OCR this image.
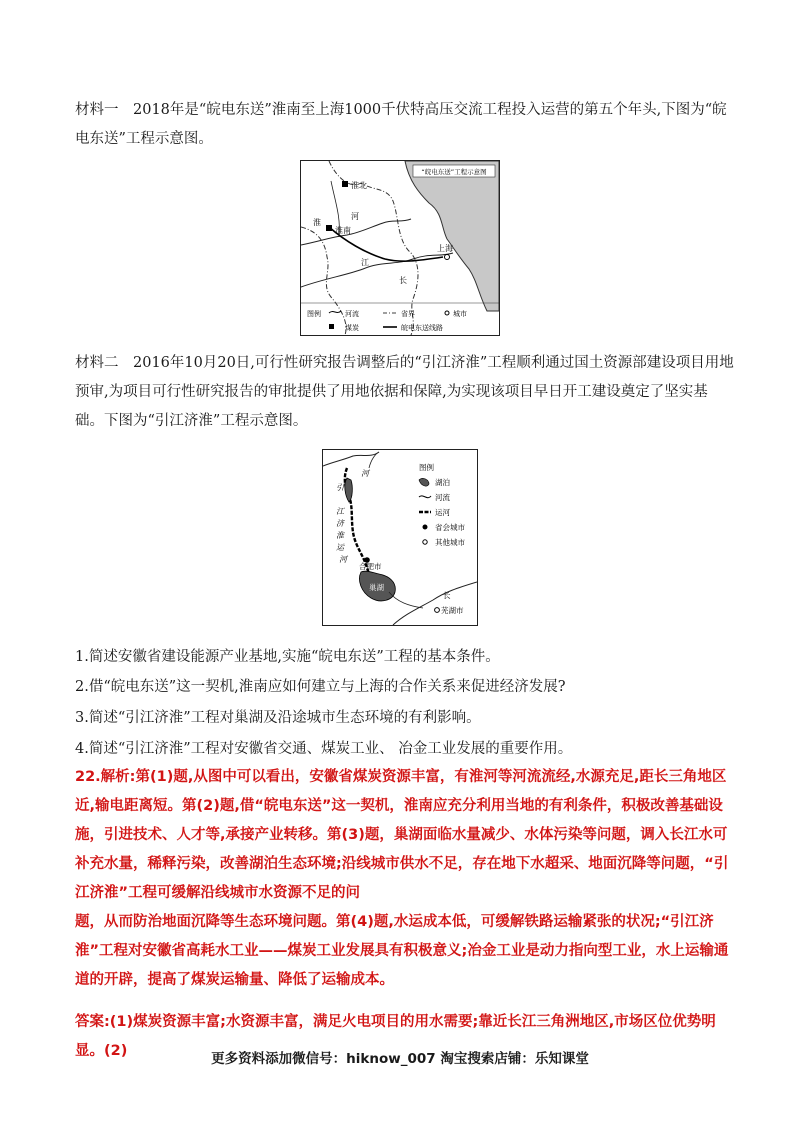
材料一　2018年是“皖电东送”淮南至上海1000千伏特高压交流工程投入运营的第五个年头,下图为“皖电东送”工程示意图。
“皖电东送”工程示意图
淮北
淮南
淮
河
上海
江
长
图例	河流	省界	城市
煤炭	皖电东送线路
材料二　2016年10月20日,可行性研究报告调整后的“引江济淮”工程顺利通过国土资源部建设项目用地预审,为项目可行性研究报告的审批提供了用地依据和保障,为实现该项目早日开工建设奠定了坚实基础。下图为“引江济淮”工程示意图。
河
引
江
济
淮
运
河
合肥市
巢湖
长
芜湖市
图例
湖泊
河流
运河
省会城市
其他城市
1.简述安徽省建设能源产业基地,实施“皖电东送”工程的基本条件。
2.借“皖电东送”这一契机,淮南应如何建立与上海的合作关系来促进经济发展?
3.简述“引江济淮”工程对巢湖及沿途城市生态环境的有利影响。
4.简述“引江济淮”工程对安徽省交通、煤炭工业、 冶金工业发展的重要作用。
22.解析:第(1)题,从图中可以看出，安徽省煤炭资源丰富，有淮河等河流流经,水源充足,距长三角地区近,输电距离短。第(2)题,借“皖电东送”这一契机，淮南应充分利用当地的有利条件，积极改善基础设施，引进技术、人才等,承接产业转移。第(3)题，巢湖面临水量减少、水体污染等问题，调入长江水可补充水量，稀释污染，改善湖泊生态环境;沿线城市供水不足，存在地下水超采、地面沉降等问题，“引江济淮”工程可缓解沿线城市水资源不足的问
题，从而防治地面沉降等生态环境问题。第(4)题,水运成本低，可缓解铁路运输紧张的状况;“引江济淮”工程对安徽省高耗水工业——煤炭工业发展具有积极意义;冶金工业是动力指向型工业，水上运输通道的开辟，提高了煤炭运输量、降低了运输成本。
答案:(1)煤炭资源丰富;水资源丰富，满足火电项目的用水需要;靠近长江三角洲地区,市场区位优势明显。(2)	更多资料添加微信号：hiknow_007 淘宝搜索店铺：乐知课堂
